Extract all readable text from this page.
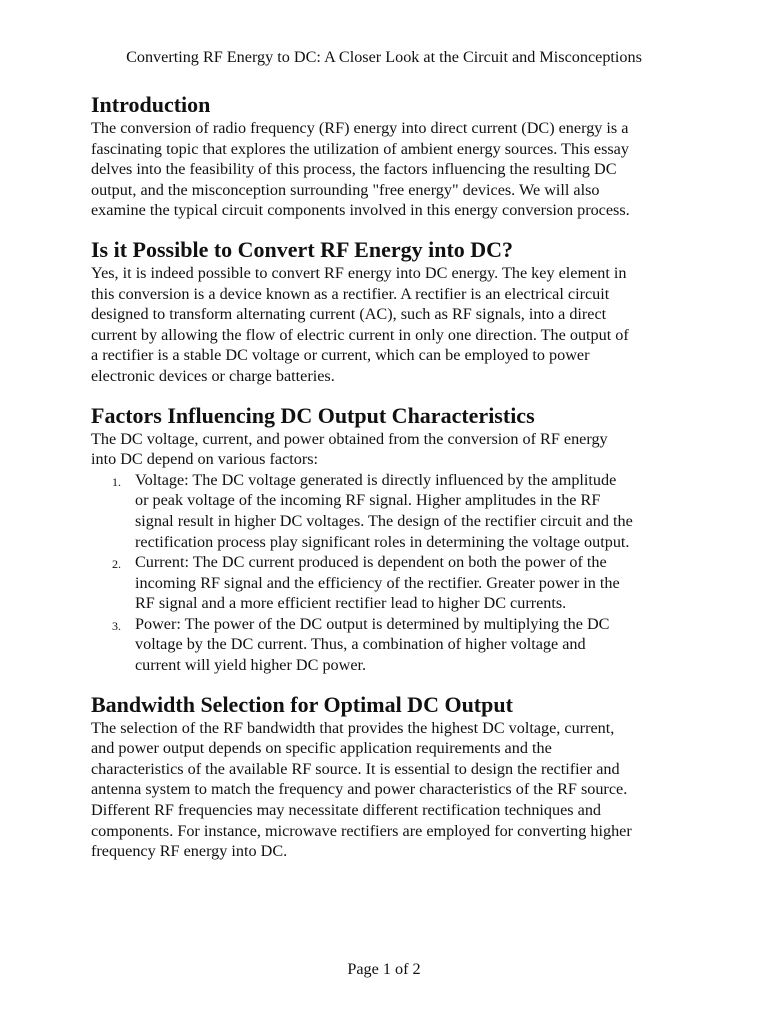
Converting RF Energy to DC: A Closer Look at the Circuit and Misconceptions
Introduction

The conversion of radio frequency (RF) energy into direct current (DC) energy is a
fascinating topic that explores the utilization of ambient energy sources. This essay
delves into the feasibility of this process, the factors influencing the resulting DC
output, and the misconception surrounding "free energy" devices. We will also
examine the typical circuit components involved in this energy conversion process.

Is it Possible to Convert RF Energy into DC?

Yes, it is indeed possible to convert RF energy into DC energy. The key element in
this conversion is a device known as a rectifier. A rectifier is an electrical circuit
designed to transform alternating current (AC), such as RF signals, into a direct
current by allowing the flow of electric current in only one direction. The output of
a rectifier is a stable DC voltage or current, which can be employed to power
electronic devices or charge batteries.

Factors Influencing DC Output Characteristics

The DC voltage, current, and power obtained from the conversion of RF energy
into DC depend on various factors:

1. Voltage: The DC voltage generated is directly influenced by the amplitude
or peak voltage of the incoming RF signal. Higher amplitudes in the RF
signal result in higher DC voltages. The design of the rectifier circuit and the
rectification process play significant roles in determining the voltage output.
2. Current: The DC current produced is dependent on both the power of the
incoming RF signal and the efficiency of the rectifier. Greater power in the
RF signal and a more efficient rectifier lead to higher DC currents.
3. Power: The power of the DC output is determined by multiplying the DC
voltage by the DC current. Thus, a combination of higher voltage and
current will yield higher DC power.
Bandwidth Selection for Optimal DC Output

The selection of the RF bandwidth that provides the highest DC voltage, current,
and power output depends on specific application requirements and the
characteristics of the available RF source. It is essential to design the rectifier and
antenna system to match the frequency and power characteristics of the RF source.
Different RF frequencies may necessitate different rectification techniques and
components. For instance, microwave rectifiers are employed for converting higher
frequency RF energy into DC.

Page 1 of 2
